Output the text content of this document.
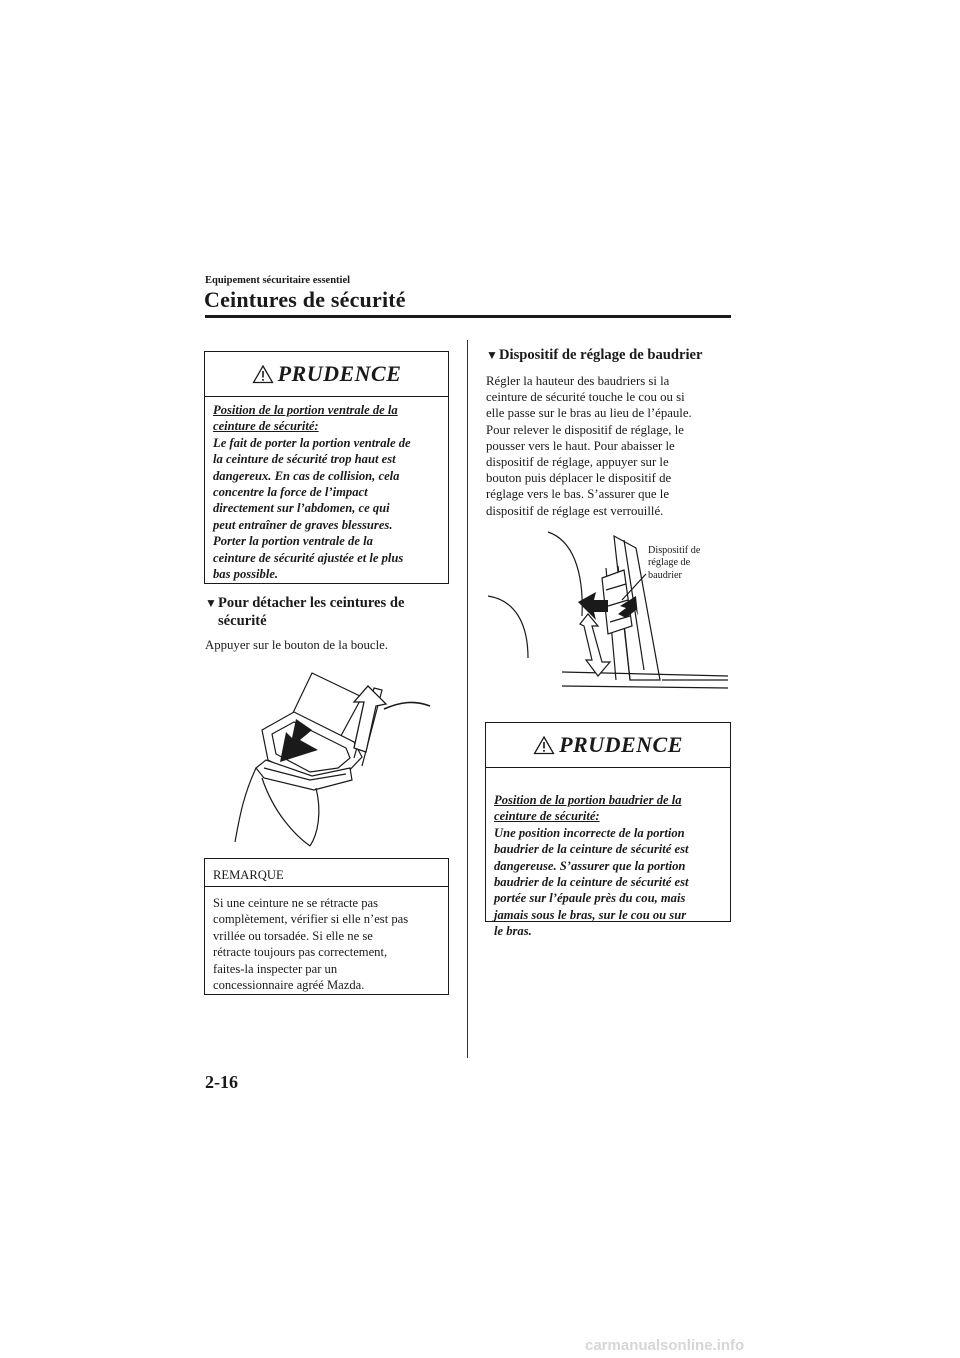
Equipement sécuritaire essentiel
Ceintures de sécurité
PRUDENCE
Position de la portion ventrale de la ceinture de sécurité:
Le fait de porter la portion ventrale de
la ceinture de sécurité trop haut est
dangereux. En cas de collision, cela
concentre la force de l’impact
directement sur l’abdomen, ce qui
peut entraîner de graves blessures.
Porter la portion ventrale de la
ceinture de sécurité ajustée et le plus
bas possible.
▼Pour détacher les ceintures de
sécurité
Appuyer sur le bouton de la boucle.
REMARQUE
Si une ceinture ne se rétracte pas
complètement, vérifier si elle n’est pas
vrillée ou torsadée. Si elle ne se
rétracte toujours pas correctement,
faites-la inspecter par un
concessionnaire agréé Mazda.
▼Dispositif de réglage de baudrier
Régler la hauteur des baudriers si la
ceinture de sécurité touche le cou ou si
elle passe sur le bras au lieu de l’épaule.
Pour relever le dispositif de réglage, le
pousser vers le haut. Pour abaisser le
dispositif de réglage, appuyer sur le
bouton puis déplacer le dispositif de
réglage vers le bas. S’assurer que le
dispositif de réglage est verrouillé.
Dispositif de
réglage de
baudrier
PRUDENCE
Position de la portion baudrier de la ceinture de sécurité:
Une position incorrecte de la portion
baudrier de la ceinture de sécurité est
dangereuse. S’assurer que la portion
baudrier de la ceinture de sécurité est
portée sur l’épaule près du cou, mais
jamais sous le bras, sur le cou ou sur
le bras.
2-16
carmanualsonline.info
